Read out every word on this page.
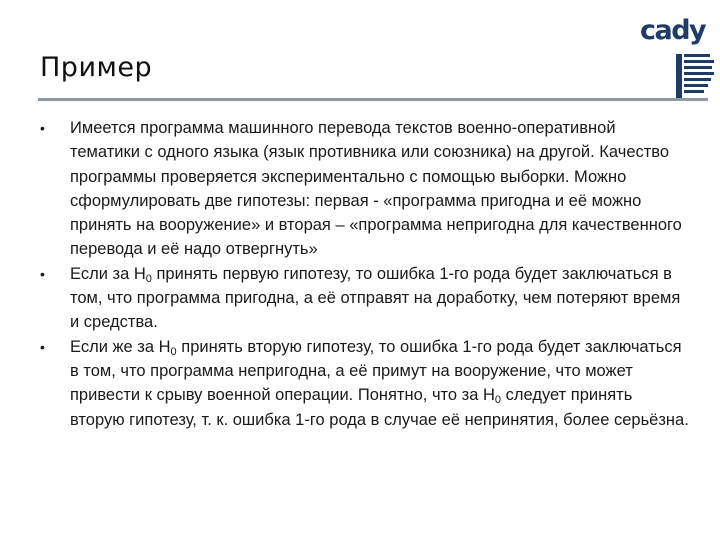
Пример
cady
• Имеется программа машинного перевода текстов военно-оперативной тематики с одного языка (язык противника или союзника) на другой. Качество программы проверяется экспериментально с помощью выборки. Можно сформулировать две гипотезы: первая - «программа пригодна и её можно принять на вооружение» и вторая – «программа непригодна для качественного перевода и её надо отвергнуть»
• Если за $H_0$ принять первую гипотезу, то ошибка 1-го рода будет заключаться в том, что программа пригодна, а её отправят на доработку, чем потеряют время и средства.
• Если же за $H_0$ принять вторую гипотезу, то ошибка 1-го рода будет заключаться в том, что программа непригодна, а её примут на вооружение, что может привести к срыву военной операции. Понятно, что за $H_0$ следует принять вторую гипотезу, т. к. ошибка 1-го рода в случае её непринятия, более серьёзна.
